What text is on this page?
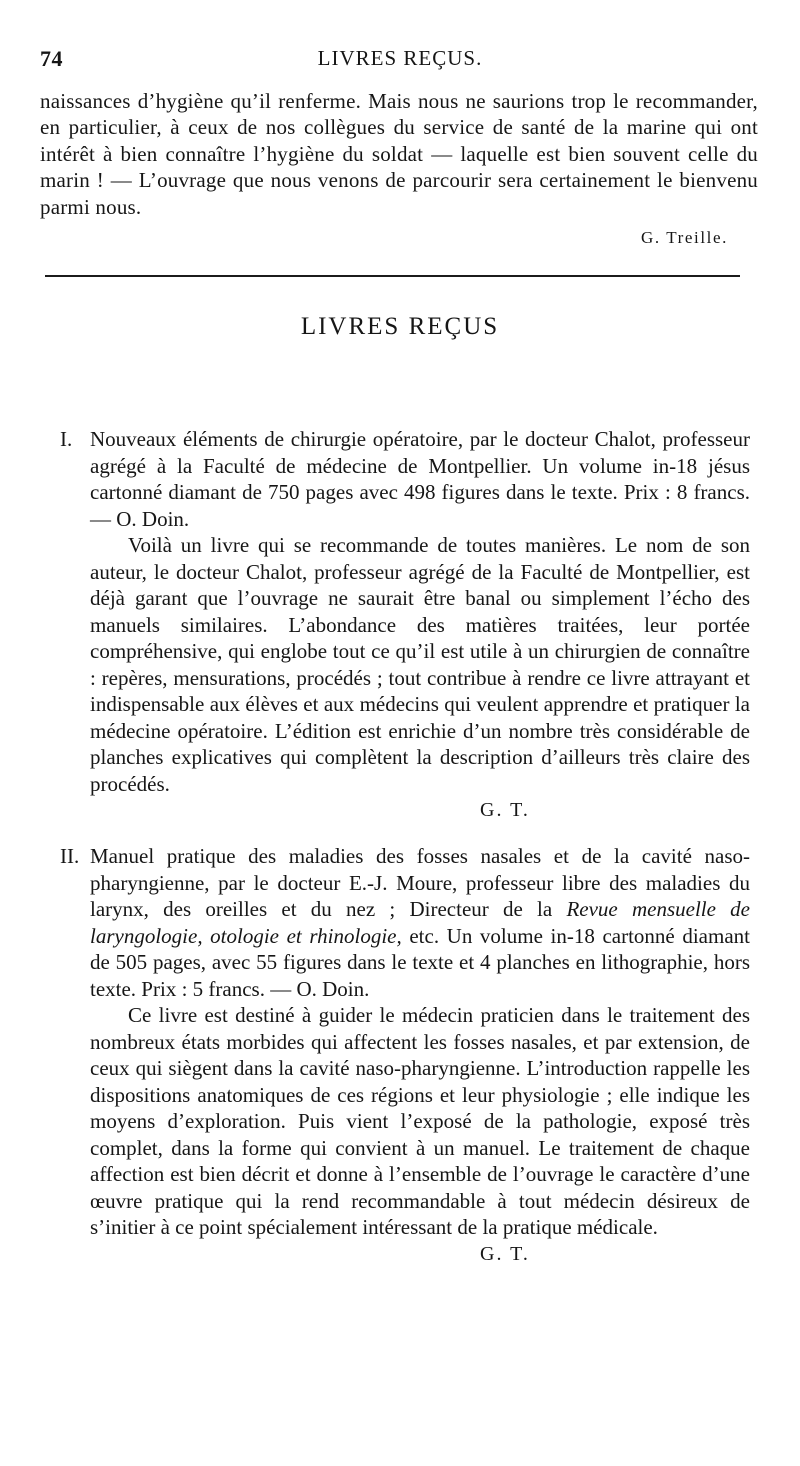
74	LIVRES REÇUS.

naissances d’hygiène qu’il renferme. Mais nous ne saurions trop le recommander, en particulier, à ceux de nos collègues du service de santé de la marine qui ont intérêt à bien connaître l’hygiène du soldat — laquelle est bien souvent celle du marin ! — L’ouvrage que nous venons de parcourir sera certainement le bienvenu parmi nous.

G. Treille.
LIVRES REÇUS
I. Nouveaux éléments de chirurgie opératoire, par le docteur Chalot, professeur agrégé à la Faculté de médecine de Montpellier. Un volume in-18 jésus cartonné diamant de 750 pages avec 498 figures dans le texte. Prix : 8 francs. — O. Doin.

Voilà un livre qui se recommande de toutes manières. Le nom de son auteur, le docteur Chalot, professeur agrégé de la Faculté de Montpellier, est déjà garant que l’ouvrage ne saurait être banal ou simplement l’écho des manuels similaires. L’abondance des matières traitées, leur portée compréhensive, qui englobe tout ce qu’il est utile à un chirurgien de connaître : repères, mensurations, procédés ; tout contribue à rendre ce livre attrayant et indispensable aux élèves et aux médecins qui veulent apprendre et pratiquer la médecine opératoire. L’édition est enrichie d’un nombre très considérable de planches explicatives qui complètent la description d’ailleurs très claire des procédés.

G. T.
II. Manuel pratique des maladies des fosses nasales et de la cavité naso-pharyngienne, par le docteur E.-J. Moure, professeur libre des maladies du larynx, des oreilles et du nez ; Directeur de la Revue mensuelle de laryngologie, otologie et rhinologie, etc. Un volume in-18 cartonné diamant de 505 pages, avec 55 figures dans le texte et 4 planches en lithographie, hors texte. Prix : 5 francs. — O. Doin.

Ce livre est destiné à guider le médecin praticien dans le traitement des nombreux états morbides qui affectent les fosses nasales, et par extension, de ceux qui siègent dans la cavité naso-pharyngienne. L’introduction rappelle les dispositions anatomiques de ces régions et leur physiologie ; elle indique les moyens d’exploration. Puis vient l’exposé de la pathologie, exposé très complet, dans la forme qui convient à un manuel. Le traitement de chaque affection est bien décrit et donne à l’ensemble de l’ouvrage le caractère d’une œuvre pratique qui la rend recommandable à tout médecin désireux de s’initier à ce point spécialement intéressant de la pratique médicale.

G. T.
